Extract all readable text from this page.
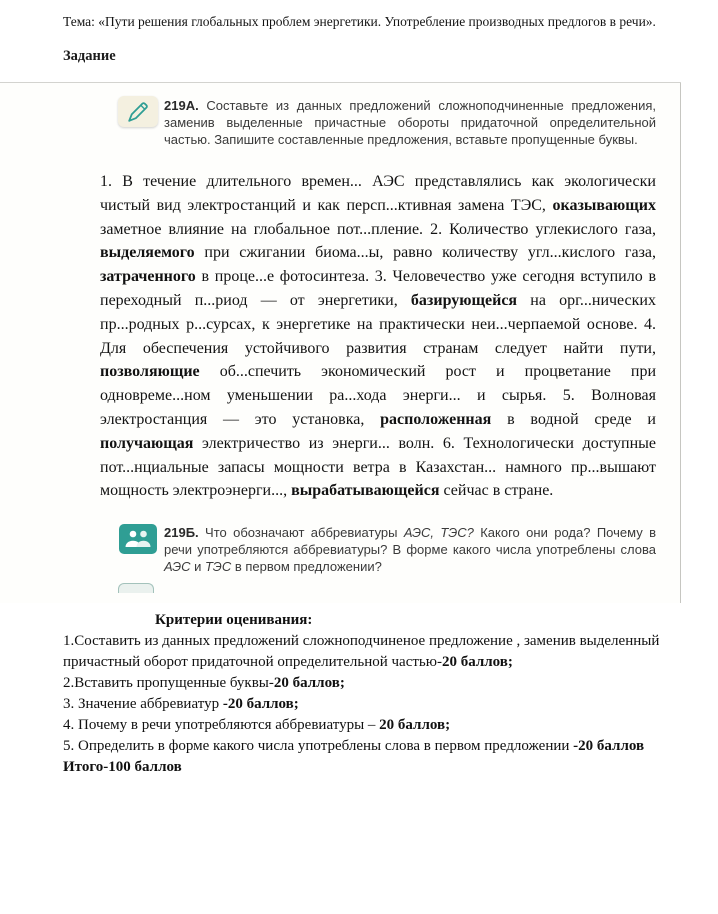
Тема: «Пути решения глобальных проблем энергетики. Употребление производных предлогов в речи».

Задание

219А. Составьте из данных предложений сложноподчиненные предложения, заменив выделенные причастные обороты придаточной определительной частью. Запишите составленные предложения, вставьте пропущенные буквы.

1. В течение длительного времен... АЭС представлялись как экологически чистый вид электростанций и как персп...ктивная замена ТЭС, оказывающих заметное влияние на глобальное пот...пление. 2. Количество углекислого газа, выделяемого при сжигании биома...ы, равно количеству угл...кислого газа, затраченного в проце...е фотосинтеза. 3. Человечество уже сегодня вступило в переходный п...риод — от энергетики, базирующейся на орг...нических пр...родных р...сурсах, к энергетике на практически неи...черпаемой основе. 4. Для обеспечения устойчивого развития странам следует найти пути, позволяющие об...спечить экономический рост и процветание при одновреме...ном уменьшении ра...хода энерги... и сырья. 5. Волновая электростанция — это установка, расположенная в водной среде и получающая электричество из энерги... волн. 6. Технологически доступные пот...нциальные запасы мощности ветра в Казахстан... намного пр...вышают мощность электроэнерги..., вырабатывающейся сейчас в стране.

219Б. Что обозначают аббревиатуры АЭС, ТЭС? Какого они рода? Почему в речи употребляются аббревиатуры? В форме какого числа употреблены слова АЭС и ТЭС в первом предложении?

Критерии оценивания:

1.Составить из данных предложений сложноподчиненое предложение , заменив выделенный причастный оборот придаточной определительной частью-20 баллов;

2.Вставить пропущенные буквы-20 баллов;

3. Значение аббревиатур -20 баллов;

4. Почему в речи употребляются аббревиатуры – 20 баллов;

5. Определить в форме какого числа употреблены слова в первом предложении -20 баллов

Итого-100 баллов
